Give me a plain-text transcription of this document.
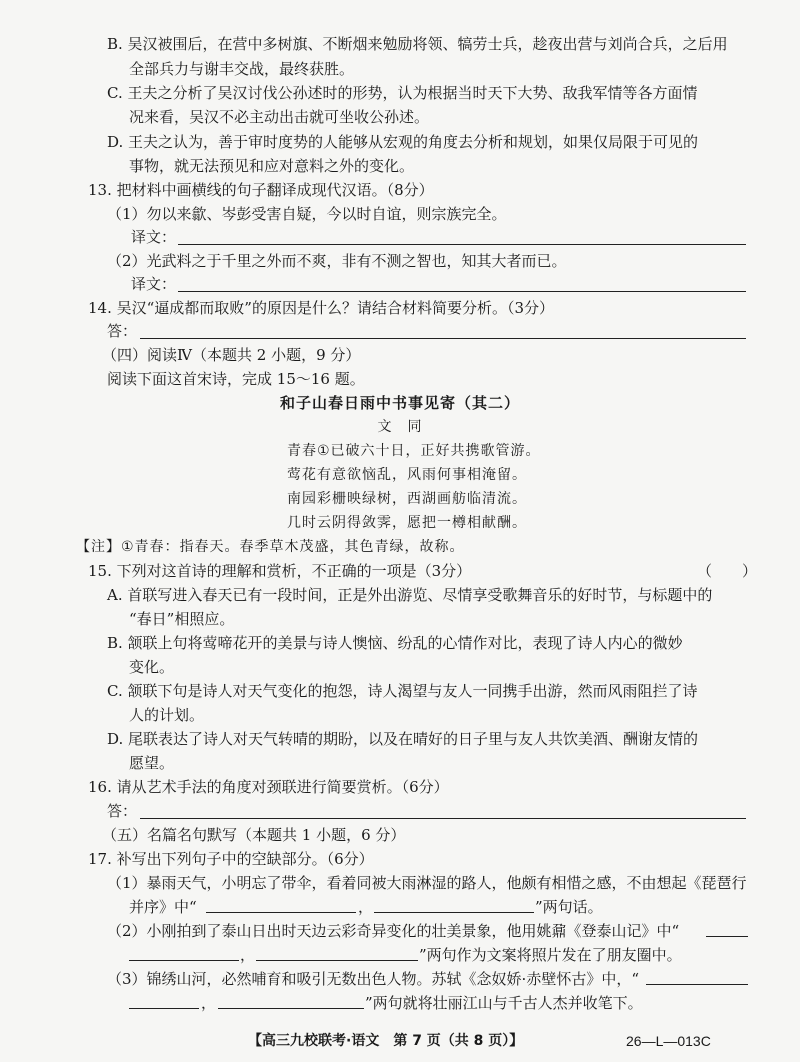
B. 吴汉被围后，在营中多树旗、不断烟来勉励将领、犒劳士兵，趁夜出营与刘尚合兵，之后用
全部兵力与谢丰交战，最终获胜。
C. 王夫之分析了吴汉讨伐公孙述时的形势，认为根据当时天下大势、敌我军情等各方面情
况来看，吴汉不必主动出击就可坐收公孙述。
D. 王夫之认为，善于审时度势的人能够从宏观的角度去分析和规划，如果仅局限于可见的
事物，就无法预见和应对意料之外的变化。
13. 把材料中画横线的句子翻译成现代汉语。（8分）
（1）勿以来歙、岑彭受害自疑，今以时自谊，则宗族完全。
译文：
（2）光武料之于千里之外而不爽，非有不测之智也，知其大者而已。
译文：
14. 吴汉“逼成都而取败”的原因是什么？请结合材料简要分析。（3分）
答：
（四）阅读Ⅳ（本题共 2 小题，9 分）
阅读下面这首宋诗，完成 15～16 题。
和子山春日雨中书事见寄（其二）
文　同
青春①已破六十日，正好共携歌管游。
莺花有意欲恼乱，风雨何事相淹留。
南园彩栅映绿树，西湖画舫临清流。
几时云阴得敛霁，愿把一樽相献酬。
【注】①青春：指春天。春季草木茂盛，其色青绿，故称。
15. 下列对这首诗的理解和赏析，不正确的一项是（3分）	（　　）
A. 首联写进入春天已有一段时间，正是外出游览、尽情享受歌舞音乐的好时节，与标题中的
“春日”相照应。
B. 颔联上句将莺啼花开的美景与诗人懊恼、纷乱的心情作对比，表现了诗人内心的微妙
变化。
C. 颔联下句是诗人对天气变化的抱怨，诗人渴望与友人一同携手出游，然而风雨阻拦了诗
人的计划。
D. 尾联表达了诗人对天气转晴的期盼，以及在晴好的日子里与友人共饮美酒、酬谢友情的
愿望。
16. 请从艺术手法的角度对颈联进行简要赏析。（6分）
答：
（五）名篇名句默写（本题共 1 小题，6 分）
17. 补写出下列句子中的空缺部分。（6分）
（1）暴雨天气，小明忘了带伞，看着同被大雨淋湿的路人，他颇有相惜之感，不由想起《琵琶行
并序》中“	，	”两句话。
（2）小刚拍到了泰山日出时天边云彩奇异变化的壮美景象，他用姚鼐《登泰山记》中“
，	”两句作为文案将照片发在了朋友圈中。
（3）锦绣山河，必然哺育和吸引无数出色人物。苏轼《念奴娇·赤壁怀古》中，“
，	”两句就将壮丽江山与千古人杰并收笔下。
【高三九校联考·语文　第 7 页（共 8 页）】	26—L—013C
